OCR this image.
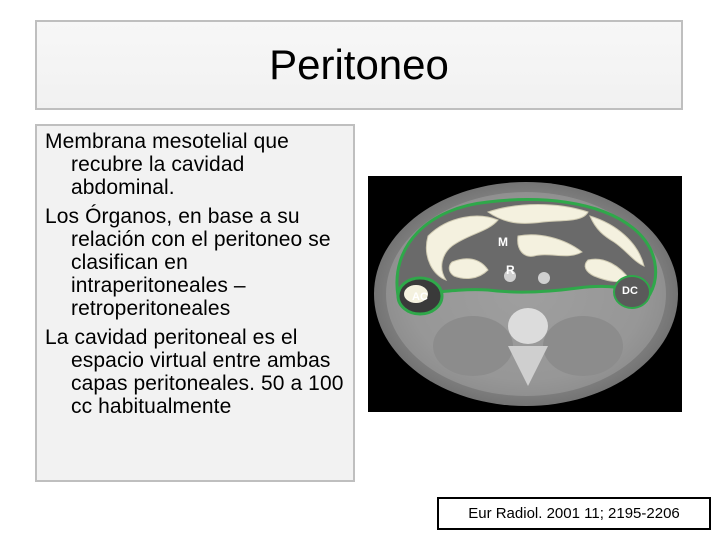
Peritoneo
Membrana mesotelial que recubre la cavidad abdominal.
Los Órganos, en base a su relación con el peritoneo se clasifican en intraperitoneales – retroperitoneales
La cavidad peritoneal es el espacio virtual entre ambas capas peritoneales. 50 a 100 cc habitualmente
M
R
AC	DC
Eur Radiol. 2001 11; 2195-2206
